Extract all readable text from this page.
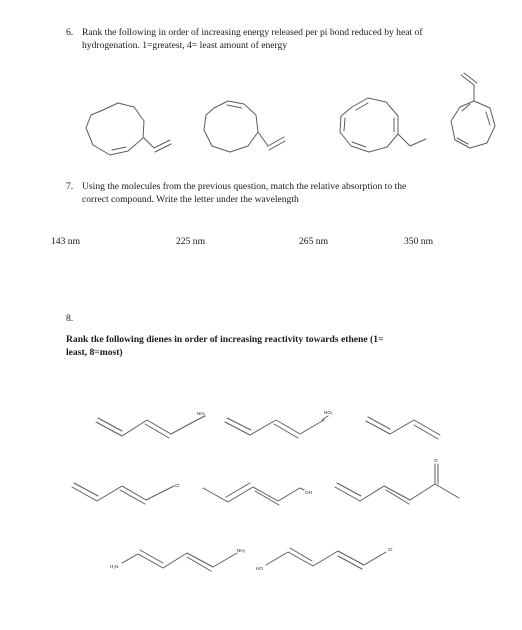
6. Rank the following in order of increasing energy released per pi bond reduced by heat of
hydrogenation. 1=greatest, 4= least amount of energy
7. Using the molecules from the previous question, match the relative absorption to the
correct compound. Write the letter under the wavelength
143 nm	225 nm	265 nm	350 nm
8.
Rank tke following dienes in order of increasing reactivity towards ethene (1=
least, 8=most)
NH₂	NO₂
Cl
OH
O
H₂N
NH₂
HO
Cl
